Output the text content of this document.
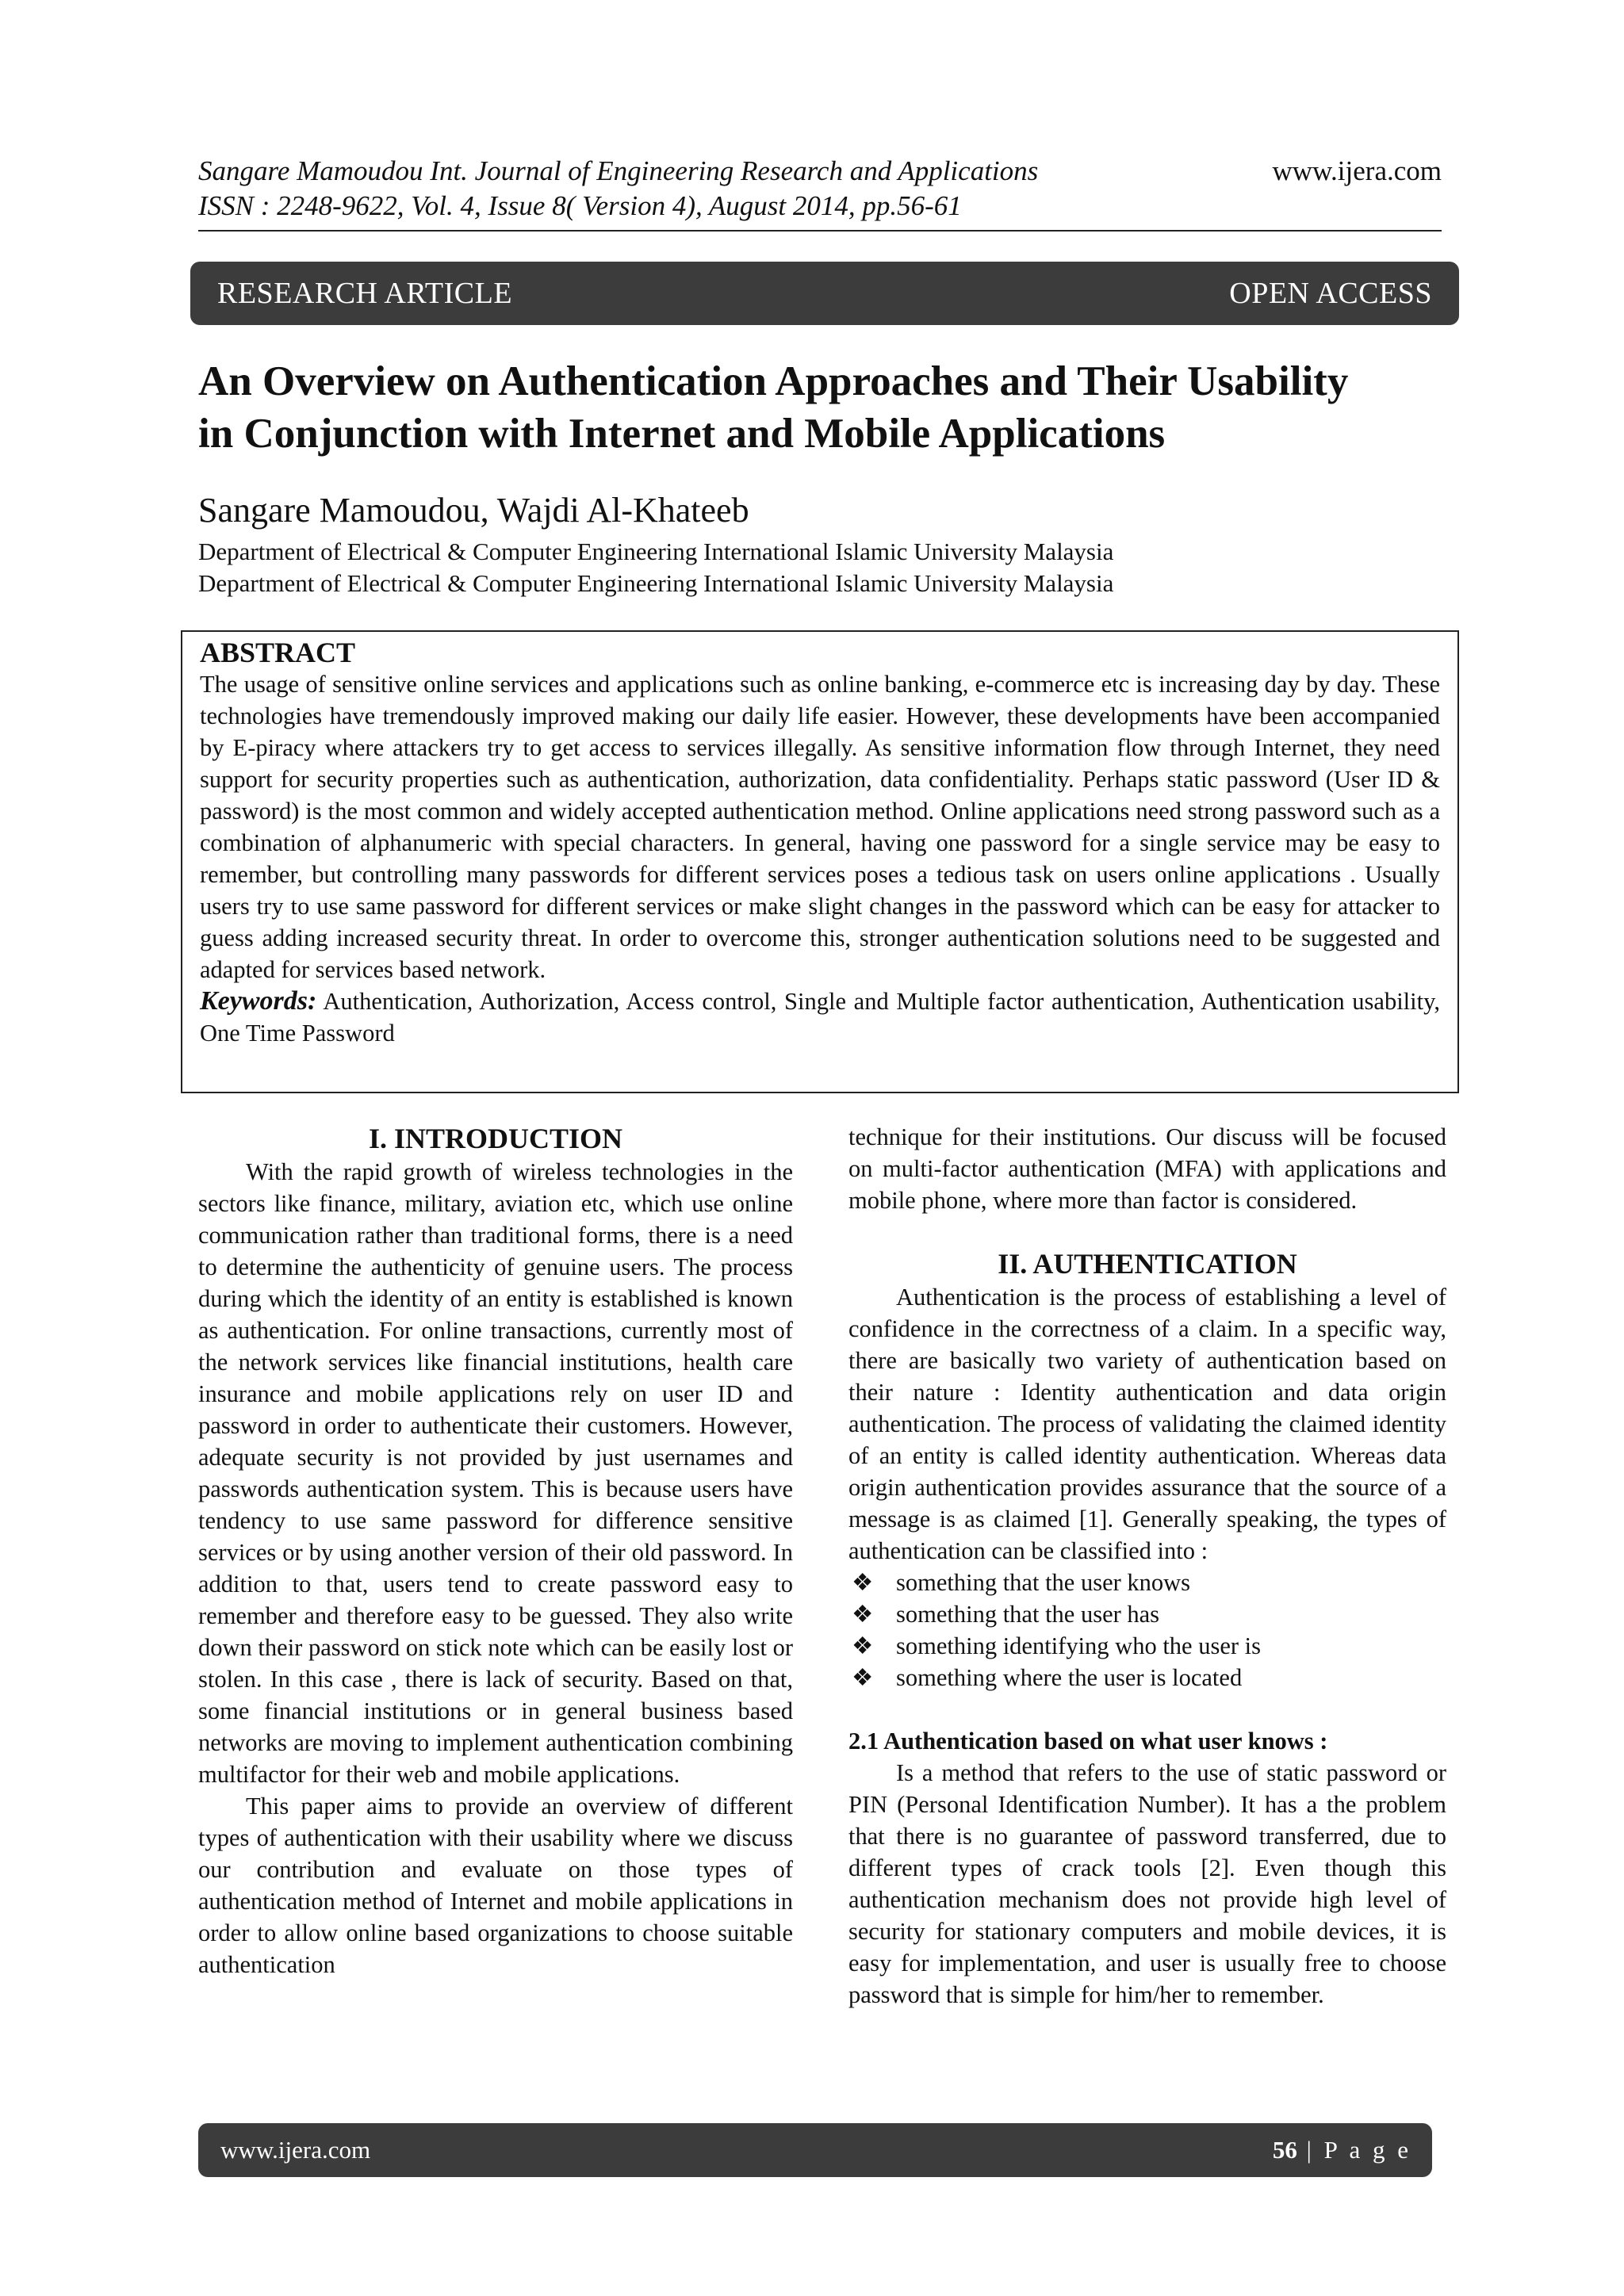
Sangare Mamoudou Int. Journal of Engineering Research and Applications	www.ijera.com
ISSN : 2248-9622, Vol. 4, Issue 8( Version 4), August 2014, pp.56-61
RESEARCH ARTICLE	OPEN ACCESS
An Overview on Authentication Approaches and Their Usability
in Conjunction with Internet and Mobile Applications
Sangare Mamoudou, Wajdi Al-Khateeb
Department of Electrical & Computer Engineering International Islamic University Malaysia
Department of Electrical & Computer Engineering International Islamic University Malaysia
ABSTRACT

The usage of sensitive online services and applications such as online banking, e-commerce etc is increasing day by day. These technologies have tremendously improved making our daily life easier. However, these developments have been accompanied by E-piracy where attackers try to get access to services illegally. As sensitive information flow through Internet, they need support for security properties such as authentication, authorization, data confidentiality. Perhaps static password (User ID & password) is the most common and widely accepted authentication method. Online applications need strong password such as a combination of alphanumeric with special characters. In general, having one password for a single service may be easy to remember, but controlling many passwords for different services poses a tedious task on users online applications . Usually users try to use same password for different services or make slight changes in the password which can be easy for attacker to guess adding increased security threat. In order to overcome this, stronger authentication solutions need to be suggested and adapted for services based network.

Keywords: Authentication, Authorization, Access control, Single and Multiple factor authentication, Authentication usability, One Time Password

I. INTRODUCTION

With the rapid growth of wireless technologies in the sectors like finance, military, aviation etc, which use online communication rather than traditional forms, there is a need to determine the authenticity of genuine users. The process during which the identity of an entity is established is known as authentication. For online transactions, currently most of the network services like financial institutions, health care insurance and mobile applications rely on user ID and password in order to authenticate their customers. However, adequate security is not provided by just usernames and passwords authentication system. This is because users have tendency to use same password for difference sensitive services or by using another version of their old password. In addition to that, users tend to create password easy to remember and therefore easy to be guessed. They also write down their password on stick note which can be easily lost or stolen. In this case , there is lack of security. Based on that, some financial institutions or in general business based networks are moving to implement authentication combining multifactor for their web and mobile applications.

This paper aims to provide an overview of different types of authentication with their usability where we discuss our contribution and evaluate on those types of authentication method of Internet and mobile applications in order to allow online based organizations to choose suitable authentication

technique for their institutions. Our discuss will be focused on multi-factor authentication (MFA) with applications and mobile phone, where more than factor is considered.

II. AUTHENTICATION

Authentication is the process of establishing a level of confidence in the correctness of a claim. In a specific way, there are basically two variety of authentication based on their nature : Identity authentication and data origin authentication. The process of validating the claimed identity of an entity is called identity authentication. Whereas data origin authentication provides assurance that the source of a message is as claimed [1]. Generally speaking, the types of authentication can be classified into :

❖ something that the user knows
❖ something that the user has
❖ something identifying who the user is
❖ something where the user is located

2.1 Authentication based on what user knows :

Is a method that refers to the use of static password or PIN (Personal Identification Number). It has a the problem that there is no guarantee of password transferred, due to different types of crack tools [2]. Even though this authentication mechanism does not provide high level of security for stationary computers and mobile devices, it is easy for implementation, and user is usually free to choose password that is simple for him/her to remember.

www.ijera.com	56 | P a g e
